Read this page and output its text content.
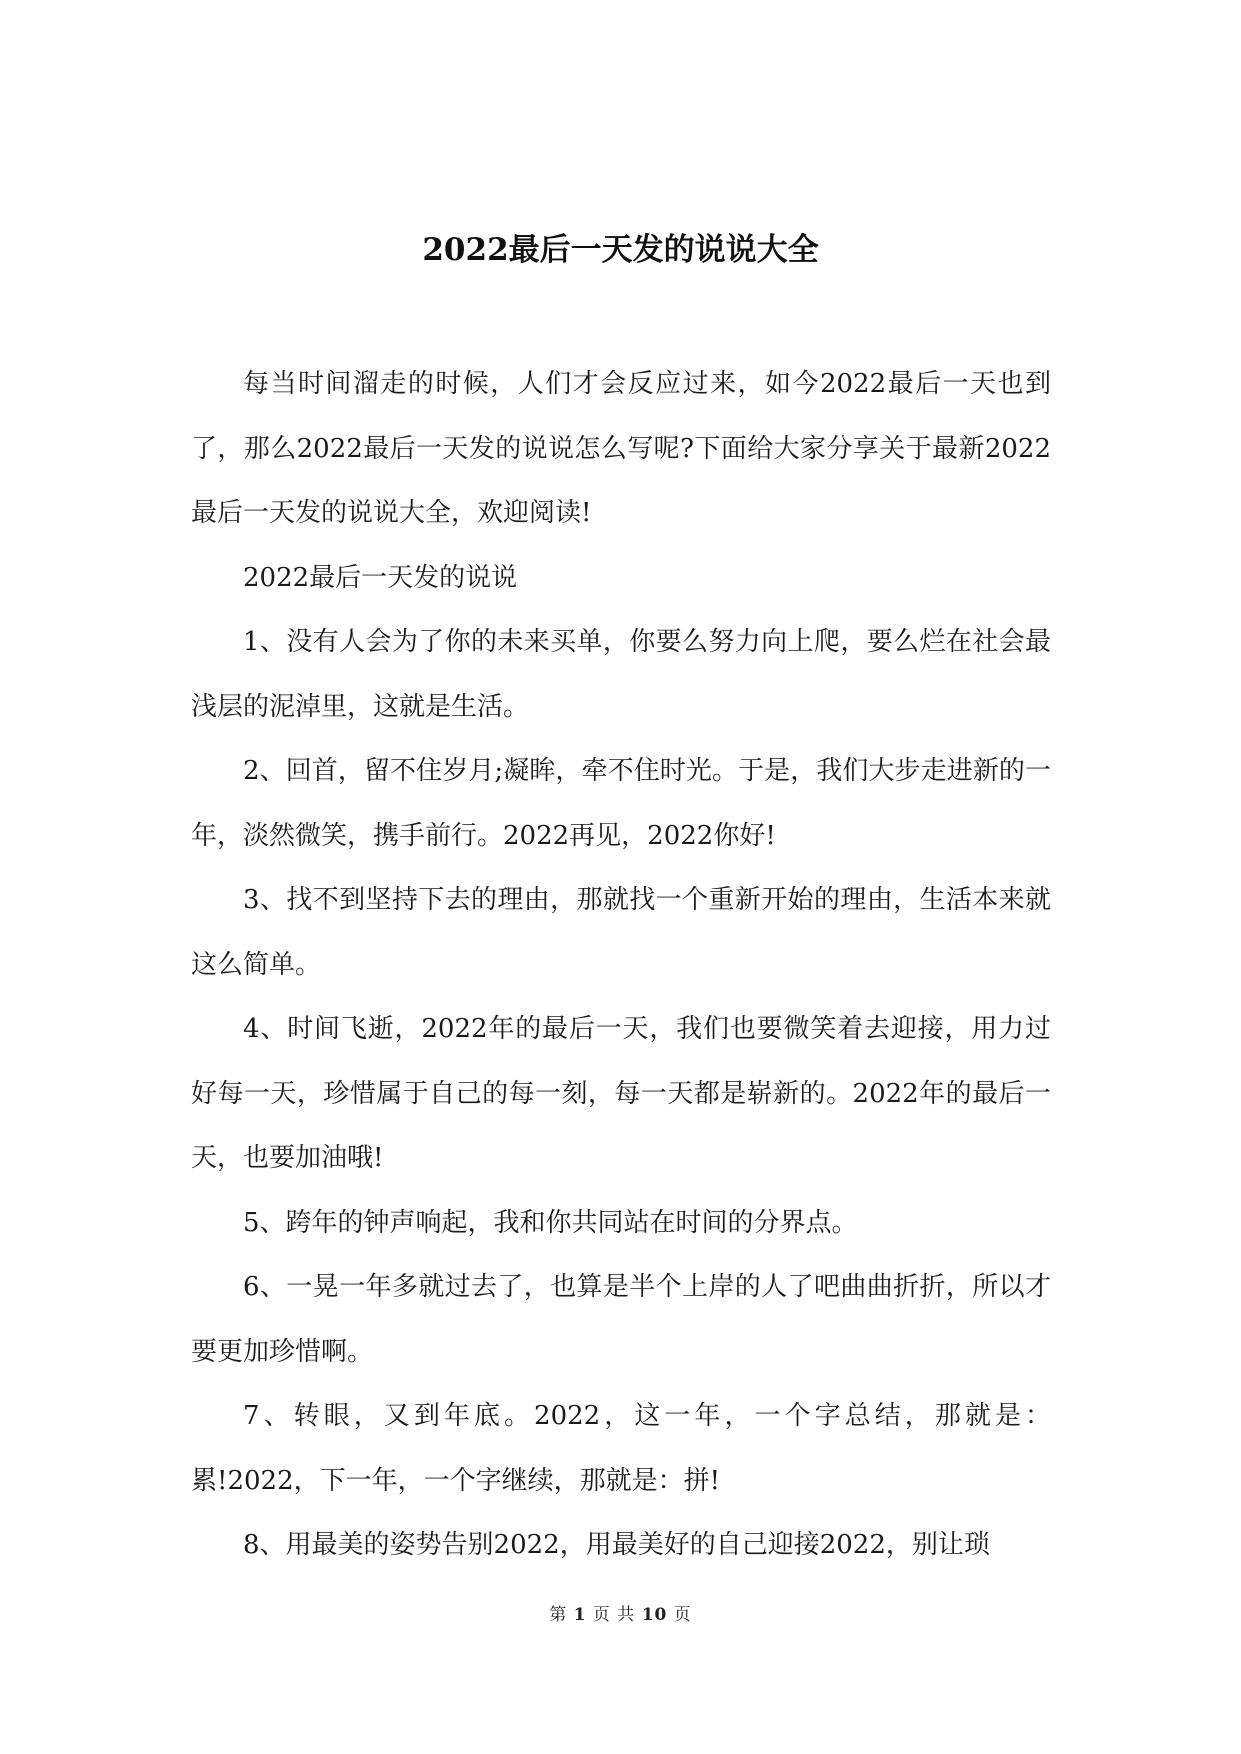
2022最后一天发的说说大全

每当时间溜走的时候，人们才会反应过来，如今2022最后一天也到了，那么2022最后一天发的说说怎么写呢?下面给大家分享关于最新2022最后一天发的说说大全，欢迎阅读!

2022最后一天发的说说

1、没有人会为了你的未来买单，你要么努力向上爬，要么烂在社会最浅层的泥淖里，这就是生活。

2、回首，留不住岁月;凝眸，牵不住时光。于是，我们大步走进新的一年，淡然微笑，携手前行。2022再见，2022你好!

3、找不到坚持下去的理由，那就找一个重新开始的理由，生活本来就这么简单。

4、时间飞逝，2022年的最后一天，我们也要微笑着去迎接，用力过好每一天，珍惜属于自己的每一刻，每一天都是崭新的。2022年的最后一天，也要加油哦!

5、跨年的钟声响起，我和你共同站在时间的分界点。

6、一晃一年多就过去了，也算是半个上岸的人了吧曲曲折折，所以才要更加珍惜啊。

7、转眼，又到年底。2022，这一年，一个字总结，那就是：累!2022，下一年，一个字继续，那就是：拼!

8、用最美的姿势告别2022，用最美好的自己迎接2022，别让琐

第 1 页 共 10 页
